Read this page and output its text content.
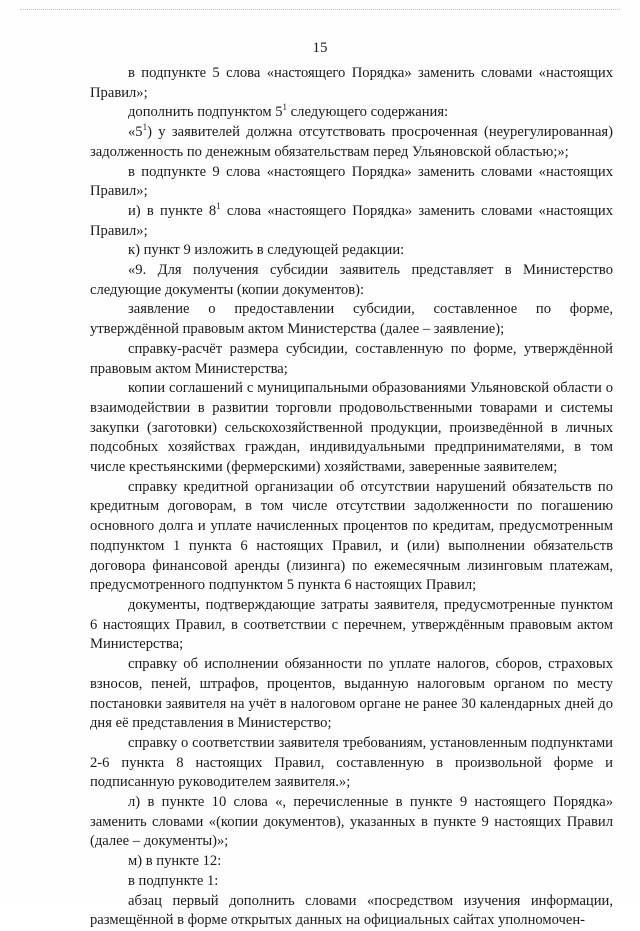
15

в подпункте 5 слова «настоящего Порядка» заменить словами «настоящих Правил»;

дополнить подпунктом $5^1$ следующего содержания:

«$5^1$) у заявителей должна отсутствовать просроченная (неурегулированная) задолженность по денежным обязательствам перед Ульяновской областью;»;

в подпункте 9 слова «настоящего Порядка» заменить словами «настоящих Правил»;

и) в пункте $8^1$ слова «настоящего Порядка» заменить словами «настоящих Правил»;

к) пункт 9 изложить в следующей редакции:

«9. Для получения субсидии заявитель представляет в Министерство следующие документы (копии документов):

заявление о предоставлении субсидии, составленное по форме, утверждённой правовым актом Министерства (далее – заявление);

справку-расчёт размера субсидии, составленную по форме, утверждённой правовым актом Министерства;

копии соглашений с муниципальными образованиями Ульяновской области о взаимодействии в развитии торговли продовольственными товарами и системы закупки (заготовки) сельскохозяйственной продукции, произведённой в личных подсобных хозяйствах граждан, индивидуальными предпринимателями, в том числе крестьянскими (фермерскими) хозяйствами, заверенные заявителем;

справку кредитной организации об отсутствии нарушений обязательств по кредитным договорам, в том числе отсутствии задолженности по погашению основного долга и уплате начисленных процентов по кредитам, предусмотренным подпунктом 1 пункта 6 настоящих Правил, и (или) выполнении обязательств договора финансовой аренды (лизинга) по ежемесячным лизинговым платежам, предусмотренного подпунктом 5 пункта 6 настоящих Правил;

документы, подтверждающие затраты заявителя, предусмотренные пунктом 6 настоящих Правил, в соответствии с перечнем, утверждённым правовым актом Министерства;

справку об исполнении обязанности по уплате налогов, сборов, страховых взносов, пеней, штрафов, процентов, выданную налоговым органом по месту постановки заявителя на учёт в налоговом органе не ранее 30 календарных дней до дня её представления в Министерство;

справку о соответствии заявителя требованиям, установленным подпунктами 2-6 пункта 8 настоящих Правил, составленную в произвольной форме и подписанную руководителем заявителя.»;

л) в пункте 10 слова «, перечисленные в пункте 9 настоящего Порядка» заменить словами «(копии документов), указанных в пункте 9 настоящих Правил (далее – документы)»;

м) в пункте 12:

в подпункте 1:

абзац первый дополнить словами «посредством изучения информации, размещённой в форме открытых данных на официальных сайтах уполномочен-
